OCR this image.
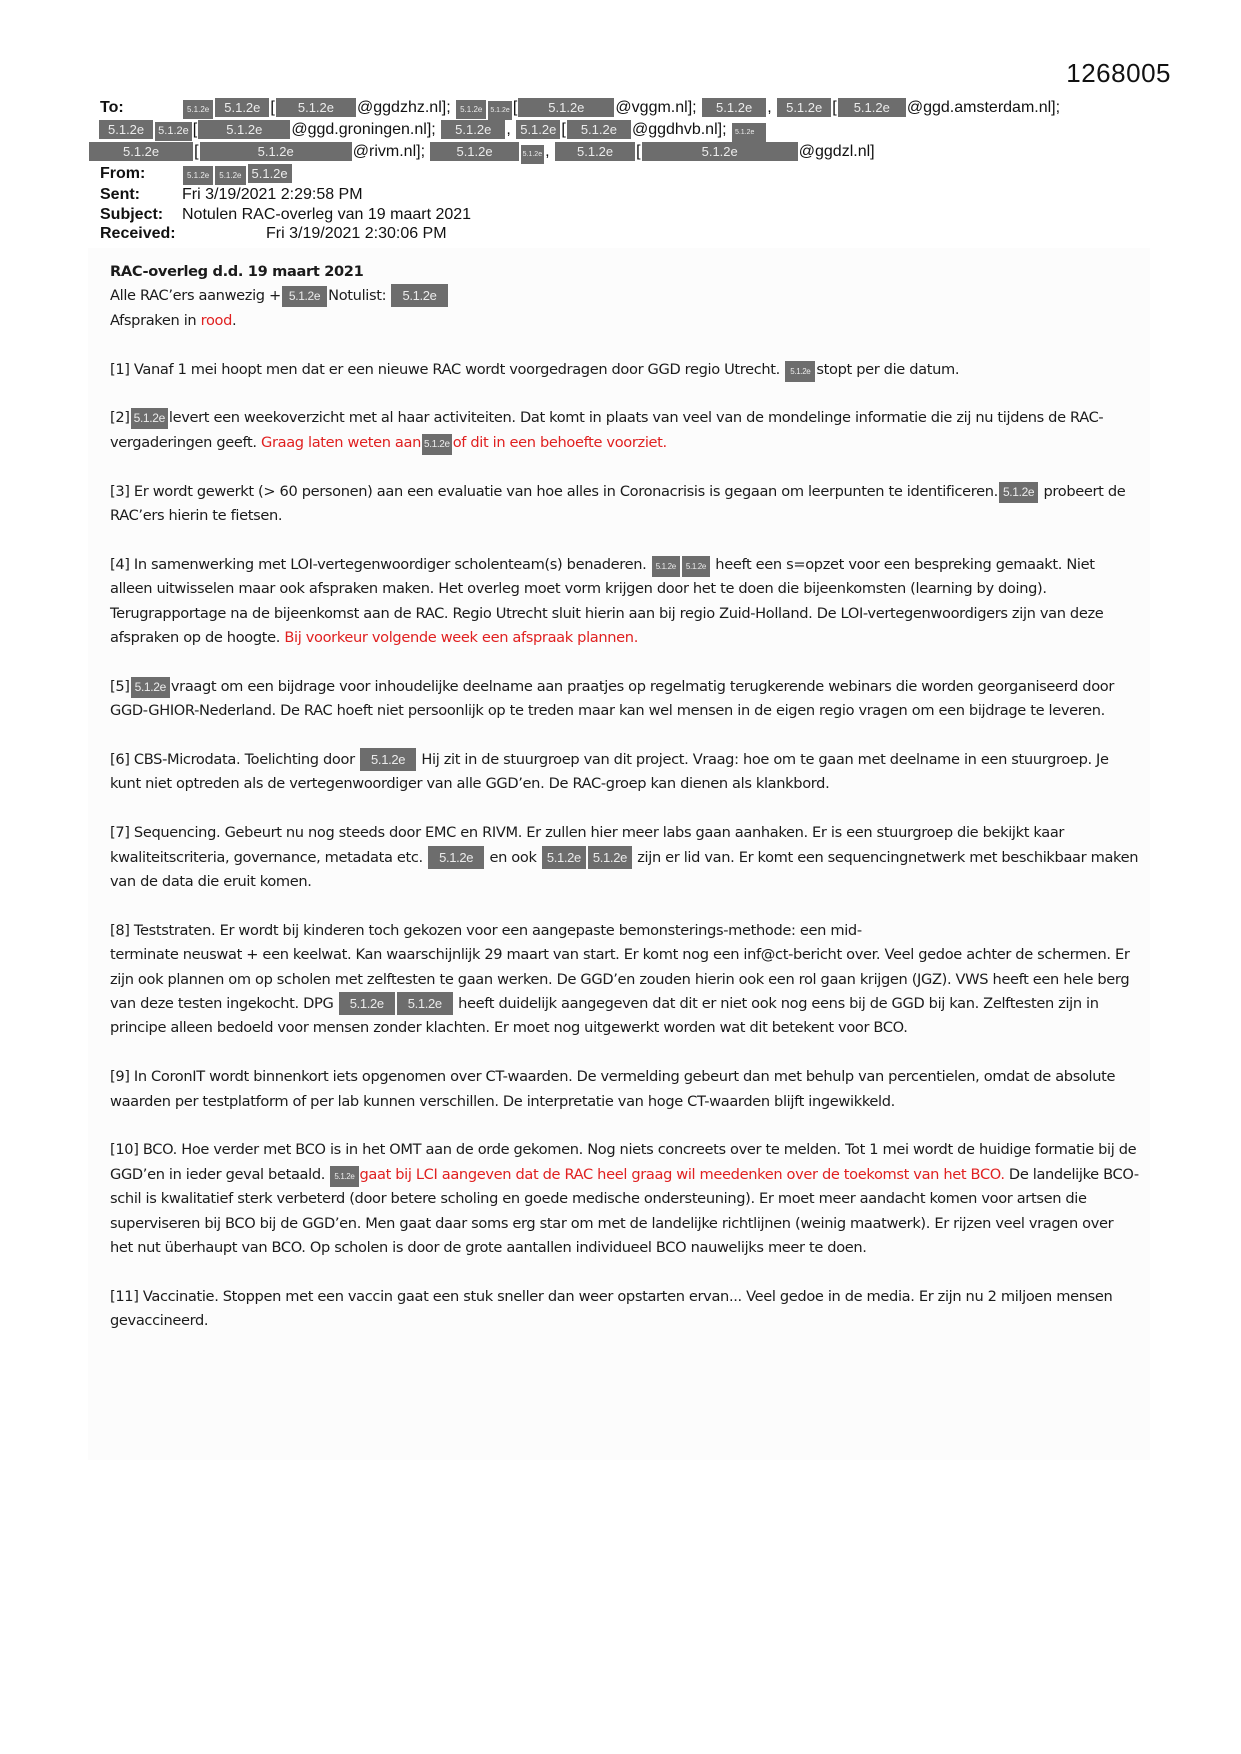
1268005
To:	5.1.2e 5.1.2e [ 5.1.2e @ggdzhz.nl]; 5.1.2e 5.1.2e [ 5.1.2e @vggm.nl]; 5.1.2e , 5.1.2e [ 5.1.2e @ggd.amsterdam.nl];
5.1.2e 5.1.2e [ 5.1.2e @ggd.groningen.nl]; 5.1.2e , 5.1.2e [ 5.1.2e @ggdhvb.nl]; 5.1.2e
5.1.2e [	5.1.2e	@rivm.nl]; 5.1.2e	5.1.2e , 5.1.2e [	5.1.2e	@ggdzl.nl]
From:	5.1.2e 5.1.2e 5.1.2e
Sent:	Fri 3/19/2021 2:29:58 PM
Subject:	Notulen RAC-overleg van 19 maart 2021
Received:	Fri 3/19/2021 2:30:06 PM
RAC-overleg d.d. 19 maart 2021
Alle RAC’ers aanwezig + 5.1.2e Notulist: 5.1.2e

Afspraken in rood.

[1] Vanaf 1 mei hoopt men dat er een nieuwe RAC wordt voorgedragen door GGD regio Utrecht. 5.1.2e stopt per die datum.

[2] 5.1.2e levert een weekoverzicht met al haar activiteiten. Dat komt in plaats van veel van de mondelinge informatie die zij nu tijdens de RAC-vergaderingen geeft. Graag laten weten aan 5.1.2e of dit in een behoefte voorziet.

[3] Er wordt gewerkt (> 60 personen) aan een evaluatie van hoe alles in Coronacrisis is gegaan om leerpunten te identificeren. 5.1.2e probeert de RAC’ers hierin te fietsen.

[4] In samenwerking met LOI-vertegenwoordiger scholenteam(s) benaderen. 5.1.2e 5.1.2e heeft een s=opzet voor een bespreking gemaakt. Niet alleen uitwisselen maar ook afspraken maken. Het overleg moet vorm krijgen door het te doen die bijeenkomsten (learning by doing). Terugrapportage na de bijeenkomst aan de RAC. Regio Utrecht sluit hierin aan bij regio Zuid-Holland. De LOI-vertegenwoordigers zijn van deze afspraken op de hoogte. Bij voorkeur volgende week een afspraak plannen.

[5] 5.1.2e vraagt om een bijdrage voor inhoudelijke deelname aan praatjes op regelmatig terugkerende webinars die worden georganiseerd door GGD-GHIOR-Nederland. De RAC hoeft niet persoonlijk op te treden maar kan wel mensen in de eigen regio vragen om een bijdrage te leveren.

[6] CBS-Microdata. Toelichting door 5.1.2e Hij zit in de stuurgroep van dit project. Vraag: hoe om te gaan met deelname in een stuurgroep. Je kunt niet optreden als de vertegenwoordiger van alle GGD’en. De RAC-groep kan dienen als klankbord.

[7] Sequencing. Gebeurt nu nog steeds door EMC en RIVM. Er zullen hier meer labs gaan aanhaken. Er is een stuurgroep die bekijkt kaar kwaliteitscriteria, governance, metadata etc. 5.1.2e en ook 5.1.2e 5.1.2e zijn er lid van. Er komt een sequencingnetwerk met beschikbaar maken van de data die eruit komen.

[8] Teststraten. Er wordt bij kinderen toch gekozen voor een aangepaste bemonsterings-methode: een mid-
terminate neuswat + een keelwat. Kan waarschijnlijk 29 maart van start. Er komt nog een inf@ct-bericht over. Veel gedoe achter de schermen. Er zijn ook plannen om op scholen met zelftesten te gaan werken. De GGD’en zouden hierin ook een rol gaan krijgen (JGZ). VWS heeft een hele berg van deze testen ingekocht. DPG 5.1.2e 5.1.2e heeft duidelijk aangegeven dat dit er niet ook nog eens bij de GGD bij kan. Zelftesten zijn in principe alleen bedoeld voor mensen zonder klachten. Er moet nog uitgewerkt worden wat dit betekent voor BCO.

[9] In CoronIT wordt binnenkort iets opgenomen over CT-waarden. De vermelding gebeurt dan met behulp van percentielen, omdat de absolute waarden per testplatform of per lab kunnen verschillen. De interpretatie van hoge CT-waarden blijft ingewikkeld.

[10] BCO. Hoe verder met BCO is in het OMT aan de orde gekomen. Nog niets concreets over te melden. Tot 1 mei wordt de huidige formatie bij de GGD’en in ieder geval betaald. 5.1.2e gaat bij LCI aangeven dat de RAC heel graag wil meedenken over de toekomst van het BCO. De landelijke BCO-schil is kwalitatief sterk verbeterd (door betere scholing en goede medische ondersteuning). Er moet meer aandacht komen voor artsen die superviseren bij BCO bij de GGD’en. Men gaat daar soms erg star om met de landelijke richtlijnen (weinig maatwerk). Er rijzen veel vragen over het nut überhaupt van BCO. Op scholen is door de grote aantallen individueel BCO nauwelijks meer te doen.

[11] Vaccinatie. Stoppen met een vaccin gaat een stuk sneller dan weer opstarten ervan... Veel gedoe in de media. Er zijn nu 2 miljoen mensen gevaccineerd.
